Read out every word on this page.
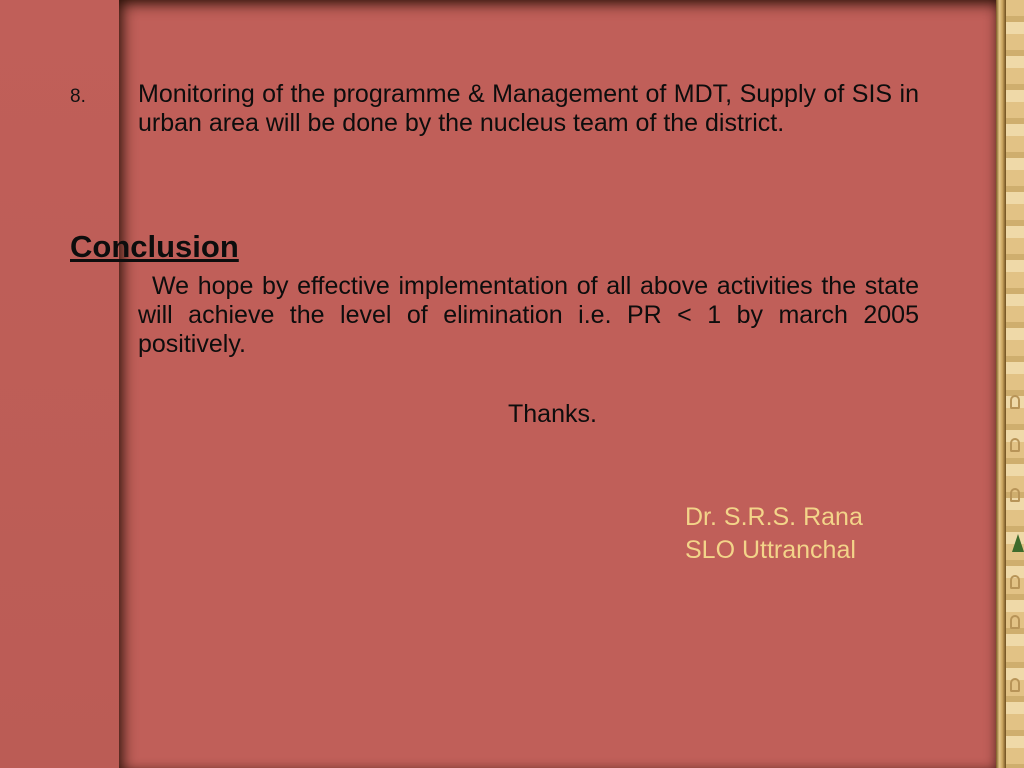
8. Monitoring of the programme & Management of MDT, Supply of SIS in urban area will be done by the nucleus team of the district.
Conclusion
We hope by effective implementation of all above activities the state will achieve the level of elimination i.e. PR < 1 by march 2005 positively.
Thanks.
Dr. S.R.S. Rana
SLO Uttranchal
